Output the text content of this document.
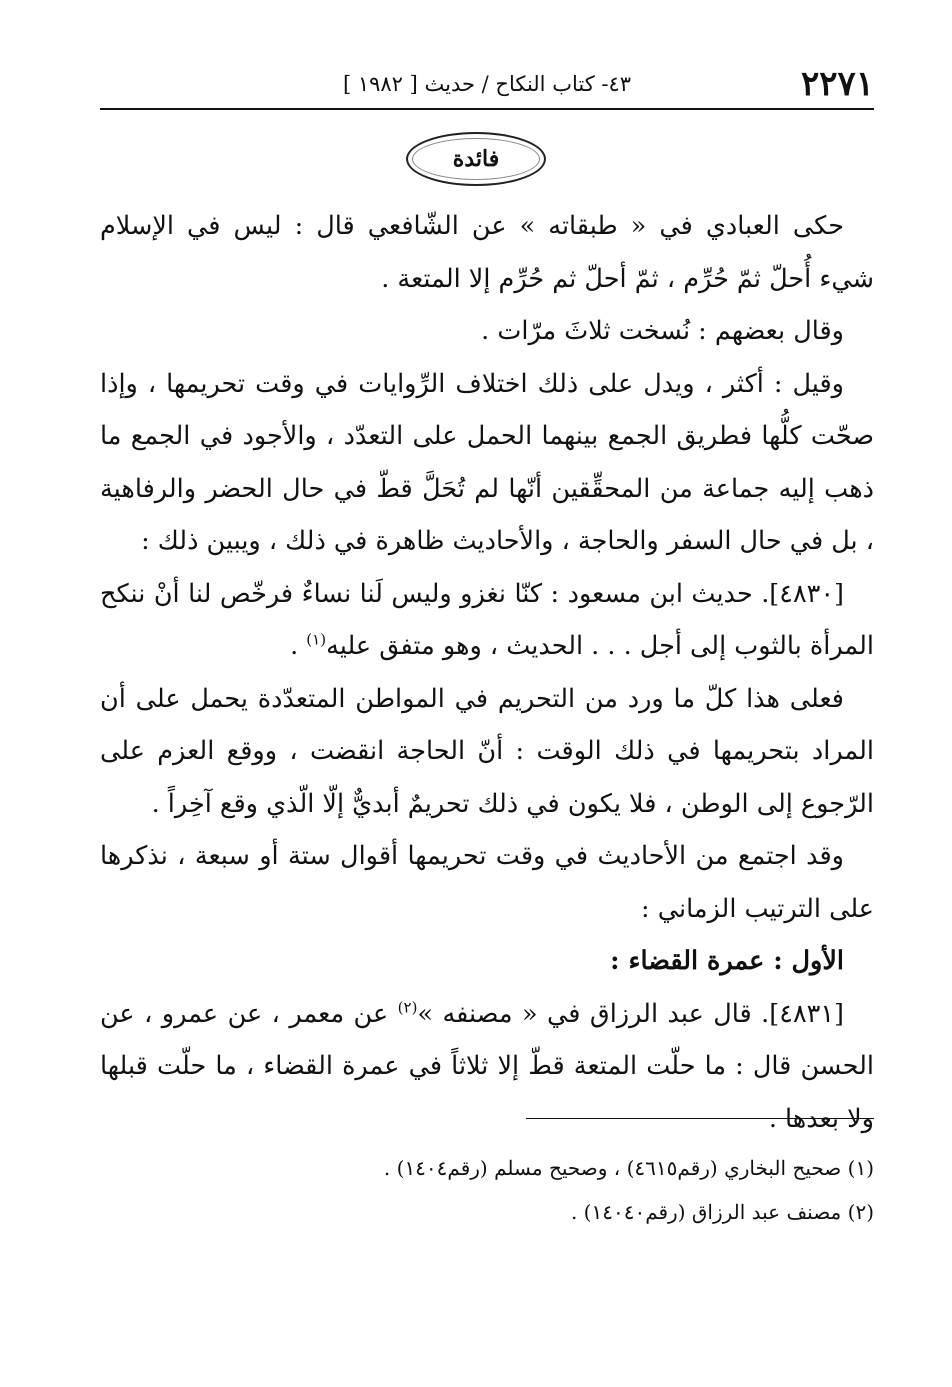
٢٢٧١
٤٣- كتاب النكاح / حديث [ ١٩٨٢ ]
فائدة

حكى العبادي في « طبقاته » عن الشّافعي قال : ليس في الإسلام شيء أُحلّ ثمّ حُرِّم ، ثمّ أحلّ ثم حُرِّم إلا المتعة .

وقال بعضهم : نُسخت ثلاثَ مرّات .

وقيل : أكثر ، ويدل على ذلك اختلاف الرِّوايات في وقت تحريمها ، وإذا صحّت كلُّها فطريق الجمع بينهما الحمل على التعدّد ، والأجود في الجمع ما ذهب إليه جماعة من المحقِّقين أنّها لم تُحَلَّ قطّ في حال الحضر والرفاهية ، بل في حال السفر والحاجة ، والأحاديث ظاهرة في ذلك ، ويبين ذلك :

[٤٨٣٠]. حديث ابن مسعود : كنّا نغزو وليس لَنا نساءٌ فرخّص لنا أنْ ننكح المرأة بالثوب إلى أجل . . . الحديث ، وهو متفق عليه$^{(١)}$ .

فعلى هذا كلّ ما ورد من التحريم في المواطن المتعدّدة يحمل على أن المراد بتحريمها في ذلك الوقت : أنّ الحاجة انقضت ، ووقع العزم على الرّجوع إلى الوطن ، فلا يكون في ذلك تحريمٌ أبديٌّ إلّا الّذي وقع آخِراً .

وقد اجتمع من الأحاديث في وقت تحريمها أقوال ستة أو سبعة ، نذكرها على الترتيب الزماني :

الأول : عمرة القضاء :

[٤٨٣١]. قال عبد الرزاق في « مصنفه »$^{(٢)}$ عن معمر ، عن عمرو ، عن الحسن قال : ما حلّت المتعة قطّ إلا ثلاثاً في عمرة القضاء ، ما حلّت قبلها ولا بعدها .

(١) صحيح البخاري (رقم٤٦١٥) ، وصحيح مسلم (رقم١٤٠٤) .

(٢) مصنف عبد الرزاق (رقم١٤٠٤٠) .
